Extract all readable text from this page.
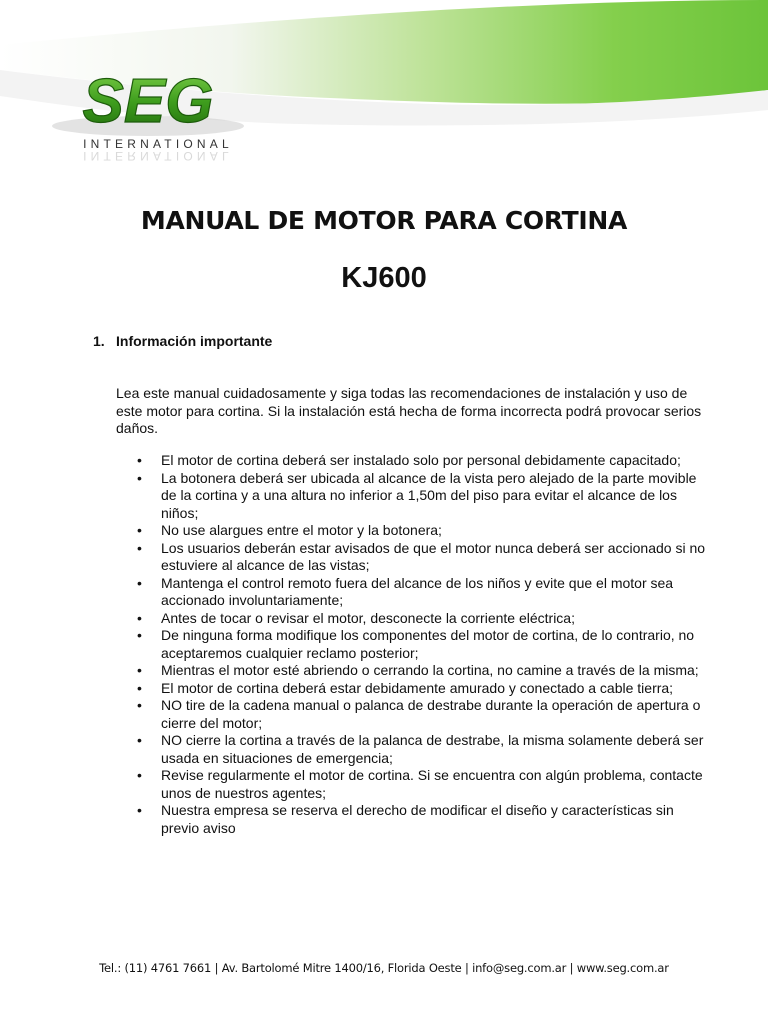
SEG
INTERNATIONAL
INTERNATIONAL
MANUAL DE MOTOR PARA CORTINA
KJ600
1. Información importante

Lea este manual cuidadosamente y siga todas las recomendaciones de instalación y uso de este motor para cortina. Si la instalación está hecha de forma incorrecta podrá provocar serios daños.

• El motor de cortina deberá ser instalado solo por personal debidamente capacitado;
• La botonera deberá ser ubicada al alcance de la vista pero alejado de la parte movible de la cortina y a una altura no inferior a 1,50m del piso para evitar el alcance de los niños;
• No use alargues entre el motor y la botonera;
• Los usuarios deberán estar avisados de que el motor nunca deberá ser accionado si no estuviere al alcance de las vistas;
• Mantenga el control remoto fuera del alcance de los niños y evite que el motor sea accionado involuntariamente;
• Antes de tocar o revisar el motor, desconecte la corriente eléctrica;
• De ninguna forma modifique los componentes del motor de cortina, de lo contrario, no aceptaremos cualquier reclamo posterior;
• Mientras el motor esté abriendo o cerrando la cortina, no camine a través de la misma;
• El motor de cortina deberá estar debidamente amurado y conectado a cable tierra;
• NO tire de la cadena manual o palanca de destrabe durante la operación de apertura o cierre del motor;
• NO cierre la cortina a través de la palanca de destrabe, la misma solamente deberá ser usada en situaciones de emergencia;
• Revise regularmente el motor de cortina. Si se encuentra con algún problema, contacte unos de nuestros agentes;
• Nuestra empresa se reserva el derecho de modificar el diseño y características sin previo aviso

Tel.: (11) 4761 7661 | Av. Bartolomé Mitre 1400/16, Florida Oeste | info@seg.com.ar | www.seg.com.ar
